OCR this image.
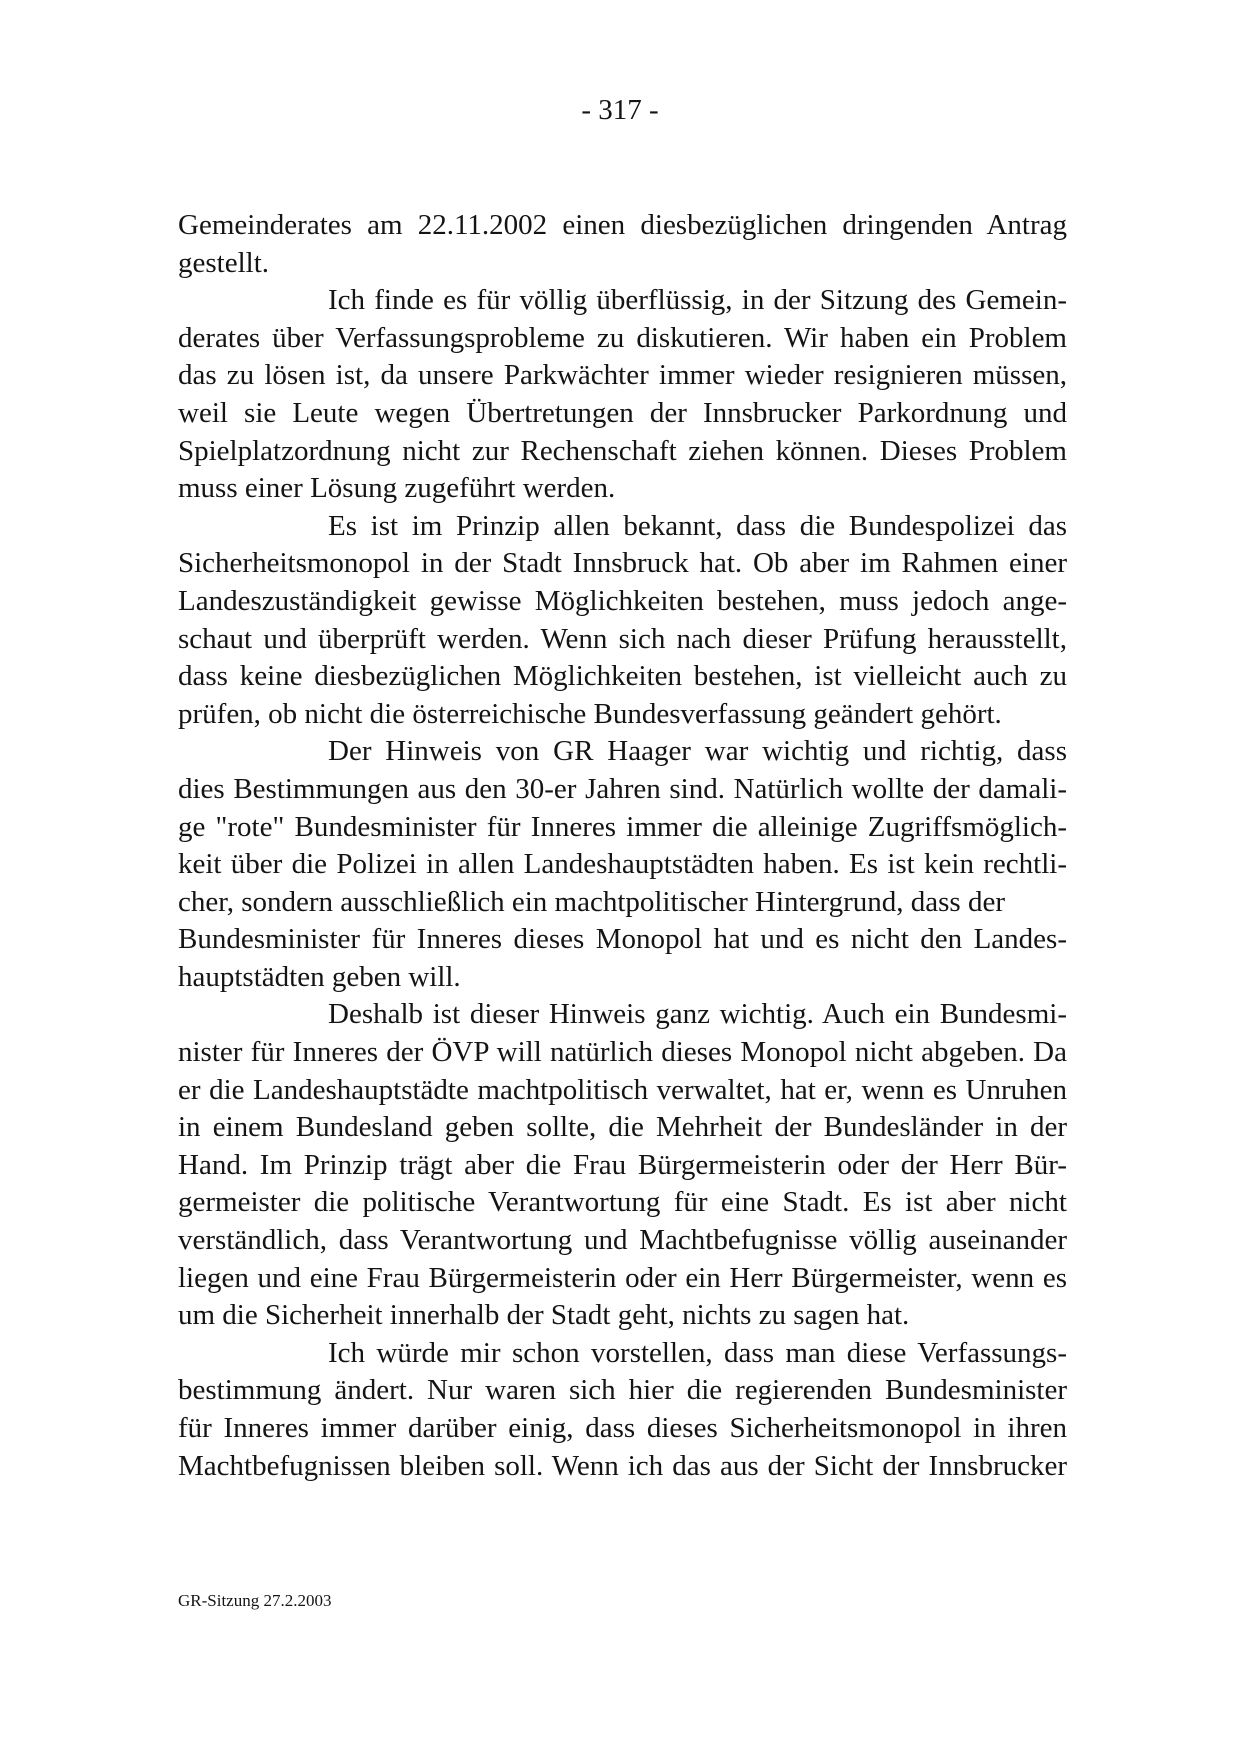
- 317 -
Gemeinderates am 22.11.2002 einen diesbezüglichen dringenden Antrag
gestellt.
Ich finde es für völlig überflüssig, in der Sitzung des Gemein-
derates über Verfassungsprobleme zu diskutieren. Wir haben ein Problem
das zu lösen ist, da unsere Parkwächter immer wieder resignieren müssen,
weil sie Leute wegen Übertretungen der Innsbrucker Parkordnung und
Spielplatzordnung nicht zur Rechenschaft ziehen können. Dieses Problem
muss einer Lösung zugeführt werden.
Es ist im Prinzip allen bekannt, dass die Bundespolizei das
Sicherheitsmonopol in der Stadt Innsbruck hat. Ob aber im Rahmen einer
Landeszuständigkeit gewisse Möglichkeiten bestehen, muss jedoch ange-
schaut und überprüft werden. Wenn sich nach dieser Prüfung herausstellt,
dass keine diesbezüglichen Möglichkeiten bestehen, ist vielleicht auch zu
prüfen, ob nicht die österreichische Bundesverfassung geändert gehört.
Der Hinweis von GR Haager war wichtig und richtig, dass
dies Bestimmungen aus den 30-er Jahren sind. Natürlich wollte der damali-
ge "rote" Bundesminister für Inneres immer die alleinige Zugriffsmöglich-
keit über die Polizei in allen Landeshauptstädten haben. Es ist kein rechtli-
cher, sondern ausschließlich ein machtpolitischer Hintergrund, dass der
Bundesminister für Inneres dieses Monopol hat und es nicht den Landes-
hauptstädten geben will.
Deshalb ist dieser Hinweis ganz wichtig. Auch ein Bundesmi-
nister für Inneres der ÖVP will natürlich dieses Monopol nicht abgeben. Da
er die Landeshauptstädte machtpolitisch verwaltet, hat er, wenn es Unruhen
in einem Bundesland geben sollte, die Mehrheit der Bundesländer in der
Hand. Im Prinzip trägt aber die Frau Bürgermeisterin oder der Herr Bür-
germeister die politische Verantwortung für eine Stadt. Es ist aber nicht
verständlich, dass Verantwortung und Machtbefugnisse völlig auseinander
liegen und eine Frau Bürgermeisterin oder ein Herr Bürgermeister, wenn es
um die Sicherheit innerhalb der Stadt geht, nichts zu sagen hat.
Ich würde mir schon vorstellen, dass man diese Verfassungs-
bestimmung ändert. Nur waren sich hier die regierenden Bundesminister
für Inneres immer darüber einig, dass dieses Sicherheitsmonopol in ihren
Machtbefugnissen bleiben soll. Wenn ich das aus der Sicht der Innsbrucker
GR-Sitzung 27.2.2003
